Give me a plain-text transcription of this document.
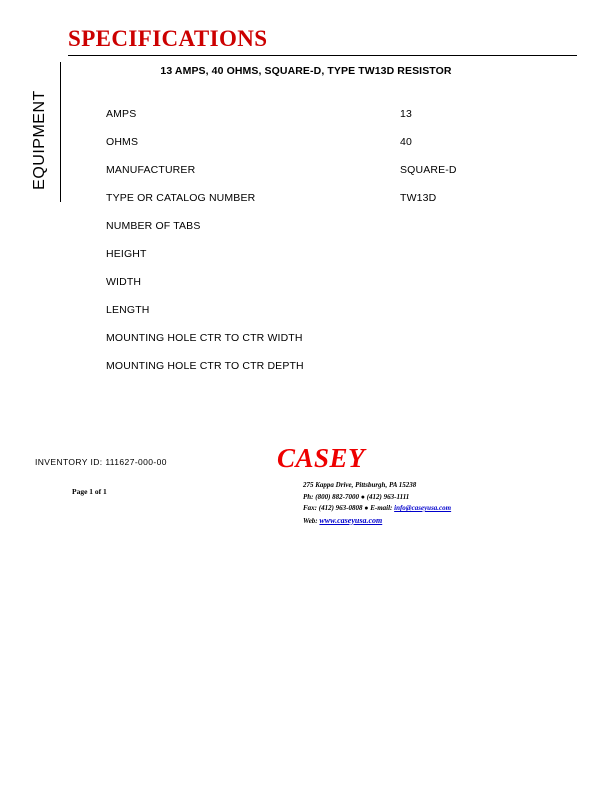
SPECIFICATIONS
EQUIPMENT
13 AMPS, 40 OHMS, SQUARE-D, TYPE TW13D RESISTOR
AMPS	13
OHMS	40
MANUFACTURER	SQUARE-D
TYPE OR CATALOG NUMBER	TW13D
NUMBER OF TABS
HEIGHT
WIDTH
LENGTH
MOUNTING HOLE CTR TO CTR WIDTH
MOUNTING HOLE CTR TO CTR DEPTH
INVENTORY ID: 111627-000-00
Page 1 of 1
CASEY
275 Kappa Drive, Pittsburgh, PA 15238
Ph: (800) 882-7000 ● (412) 963-1111
Fax: (412) 963-0808 ● E-mail: info@caseyusa.com
Web: www.caseyusa.com
